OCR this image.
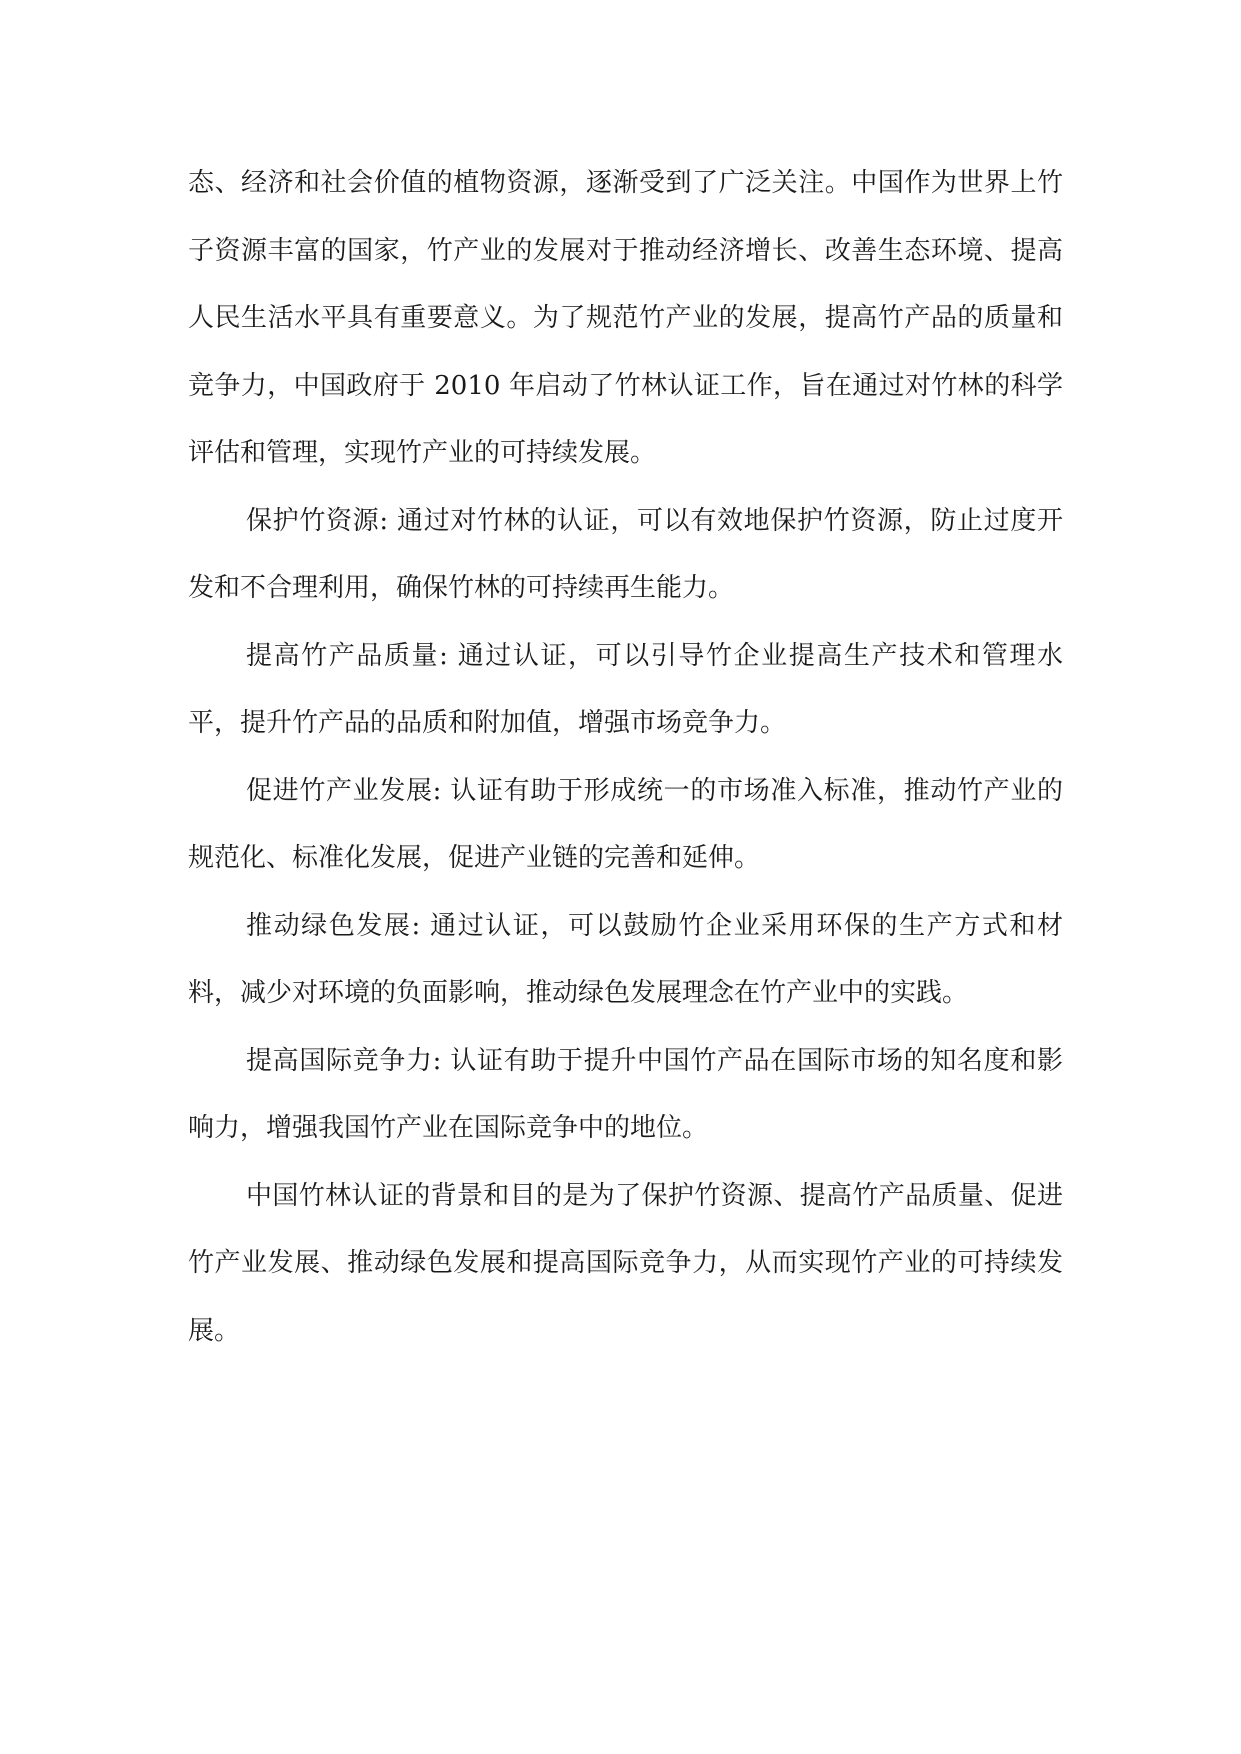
态、经济和社会价值的植物资源，逐渐受到了广泛关注。中国作为世界上竹子资源丰富的国家，竹产业的发展对于推动经济增长、改善生态环境、提高人民生活水平具有重要意义。为了规范竹产业的发展，提高竹产品的质量和竞争力，中国政府于 2010 年启动了竹林认证工作，旨在通过对竹林的科学评估和管理，实现竹产业的可持续发展。

保护竹资源: 通过对竹林的认证，可以有效地保护竹资源，防止过度开发和不合理利用，确保竹林的可持续再生能力。

提高竹产品质量: 通过认证，可以引导竹企业提高生产技术和管理水平，提升竹产品的品质和附加值，增强市场竞争力。

促进竹产业发展: 认证有助于形成统一的市场准入标准，推动竹产业的规范化、标准化发展，促进产业链的完善和延伸。

推动绿色发展: 通过认证，可以鼓励竹企业采用环保的生产方式和材料，减少对环境的负面影响，推动绿色发展理念在竹产业中的实践。

提高国际竞争力: 认证有助于提升中国竹产品在国际市场的知名度和影响力，增强我国竹产业在国际竞争中的地位。

中国竹林认证的背景和目的是为了保护竹资源、提高竹产品质量、促进竹产业发展、推动绿色发展和提高国际竞争力，从而实现竹产业的可持续发展。
